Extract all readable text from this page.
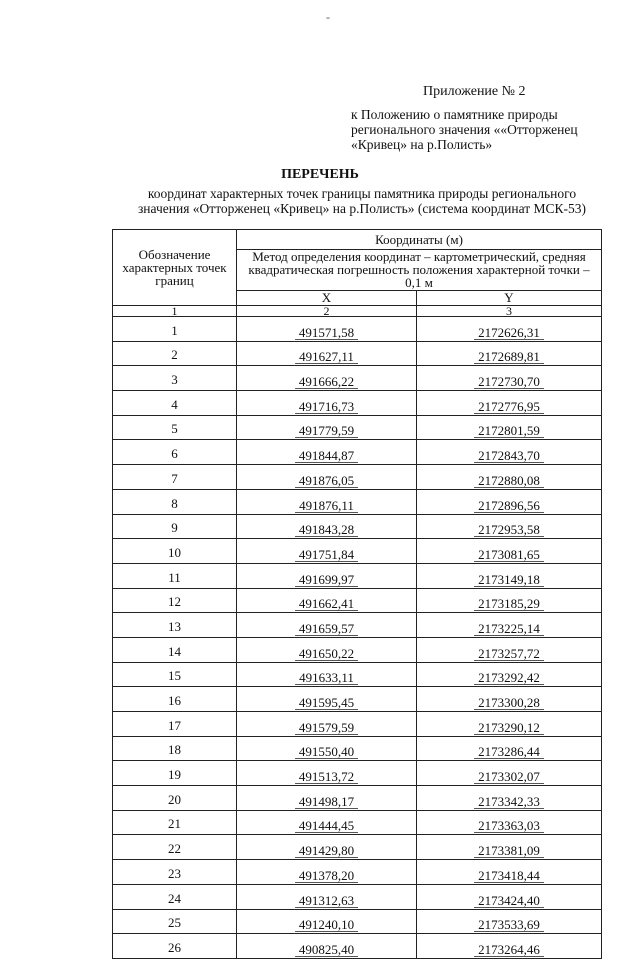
-
Приложение № 2
к Положению о памятнике природы
регионального значения ««Отторженец
«Кривец» на р.Полисть»
ПЕРЕЧЕНЬ
координат характерных точек границы памятника природы регионального
значения «Отторженец «Кривец» на р.Полисть» (система координат МСК-53)
Обозначение характерных точек границ	Координаты (м)	
	Метод определения координат – картометрический, средняя квадратическая погрешность положения характерной точки – 0,1 м	
	X	Y
1	2	3
1	491571,58	2172626,31
2	491627,11	2172689,81
3	491666,22	2172730,70
4	491716,73	2172776,95
5	491779,59	2172801,59
6	491844,87	2172843,70
7	491876,05	2172880,08
8	491876,11	2172896,56
9	491843,28	2172953,58
10	491751,84	2173081,65
11	491699,97	2173149,18
12	491662,41	2173185,29
13	491659,57	2173225,14
14	491650,22	2173257,72
15	491633,11	2173292,42
16	491595,45	2173300,28
17	491579,59	2173290,12
18	491550,40	2173286,44
19	491513,72	2173302,07
20	491498,17	2173342,33
21	491444,45	2173363,03
22	491429,80	2173381,09
23	491378,20	2173418,44
24	491312,63	2173424,40
25	491240,10	2173533,69
26	490825,40	2173264,46
